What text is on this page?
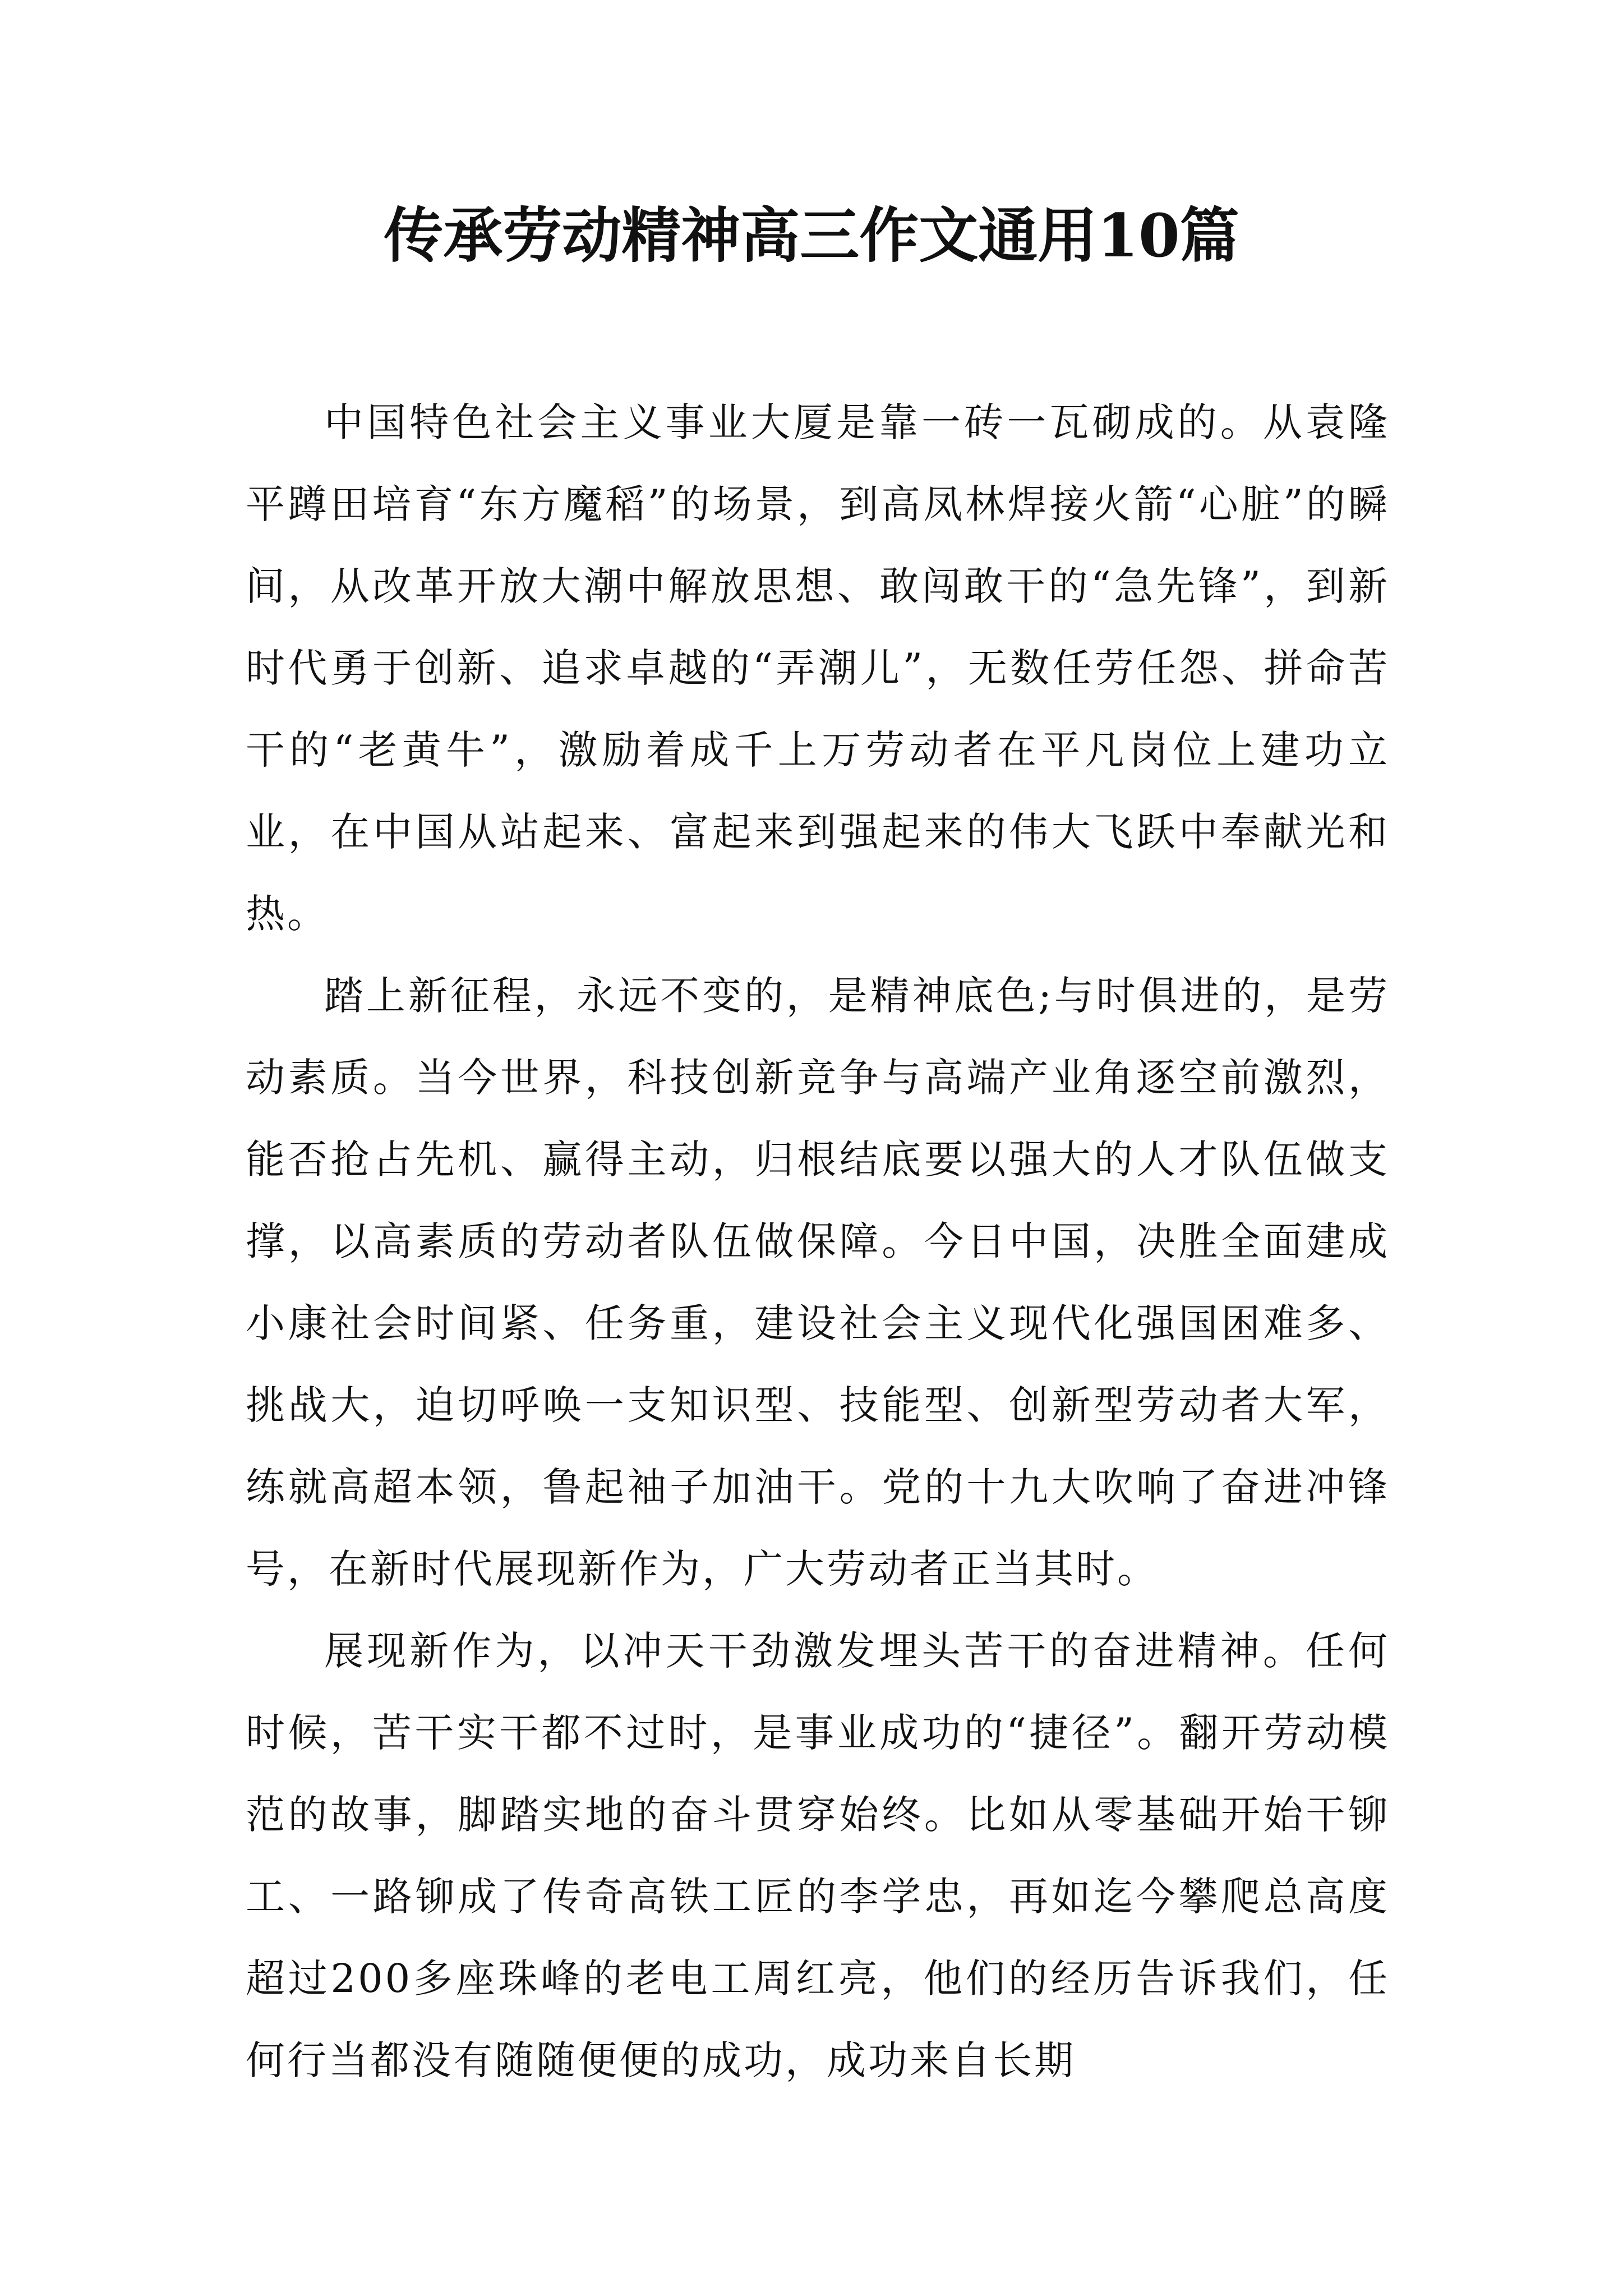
传承劳动精神高三作文通用10篇

中国特色社会主义事业大厦是靠一砖一瓦砌成的。从袁隆平蹲田培育“东方魔稻”的场景，到高凤林焊接火箭“心脏”的瞬间，从改革开放大潮中解放思想、敢闯敢干的“急先锋”，到新时代勇于创新、追求卓越的“弄潮儿”，无数任劳任怨、拼命苦干的“老黄牛”，激励着成千上万劳动者在平凡岗位上建功立业，在中国从站起来、富起来到强起来的伟大飞跃中奉献光和热。

踏上新征程，永远不变的，是精神底色;与时俱进的，是劳动素质。当今世界，科技创新竞争与高端产业角逐空前激烈，能否抢占先机、赢得主动，归根结底要以强大的人才队伍做支撑，以高素质的劳动者队伍做保障。今日中国，决胜全面建成小康社会时间紧、任务重，建设社会主义现代化强国困难多、挑战大，迫切呼唤一支知识型、技能型、创新型劳动者大军，练就高超本领，鲁起袖子加油干。党的十九大吹响了奋进冲锋号，在新时代展现新作为，广大劳动者正当其时。

展现新作为，以冲天干劲激发埋头苦干的奋进精神。任何时候，苦干实干都不过时，是事业成功的“捷径”。翻开劳动模范的故事，脚踏实地的奋斗贯穿始终。比如从零基础开始干铆工、一路铆成了传奇高铁工匠的李学忠，再如迄今攀爬总高度超过200多座珠峰的老电工周红亮，他们的经历告诉我们，任何行当都没有随随便便的成功，成功来自长期
